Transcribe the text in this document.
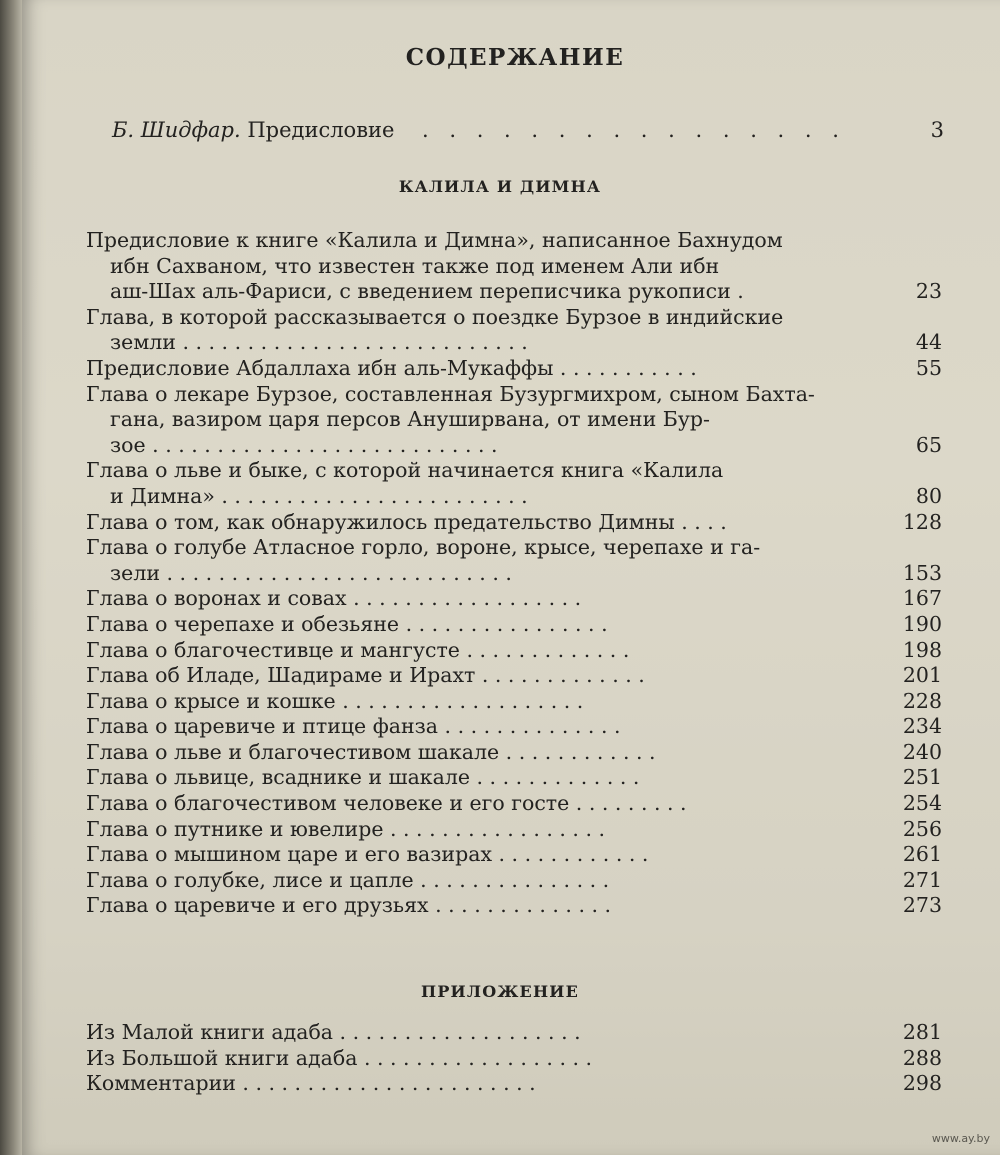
СОДЕРЖАНИЕ
Б. Шидфар. Предисловие . . . . . . . . . . . . . . . .	3
КАЛИЛА И ДИМНА
Предисловие к книге «Калила и Димна», написанное Бахнудом
ибн Сахваном, что известен также под именем Али ибн
аш-Шах аль-Фариси, с введением переписчика рукописи .	23
Глава, в которой рассказывается о поездке Бурзое в индийские
земли . . . . . . . . . . . . . . . . . . . . . . . . . . .	44
Предисловие Абдаллаха ибн аль-Мукаффы . . . . . . . . . . .	55
Глава о лекаре Бурзое, составленная Бузургмихром, сыном Бахта-
гана, вазиром царя персов Ануширвана, от имени Бур-
зое . . . . . . . . . . . . . . . . . . . . . . . . . . .	65
Глава о льве и быке, с которой начинается книга «Калила
и Димна» . . . . . . . . . . . . . . . . . . . . . . . .	80
Глава о том, как обнаружилось предательство Димны . . . .	128
Глава о голубе Атласное горло, вороне, крысе, черепахе и га-
зели . . . . . . . . . . . . . . . . . . . . . . . . . . .	153
Глава о воронах и совах . . . . . . . . . . . . . . . . . .	167
Глава о черепахе и обезьяне . . . . . . . . . . . . . . . .	190
Глава о благочестивце и мангусте . . . . . . . . . . . . .	198
Глава об Иладе, Шадираме и Ирахт . . . . . . . . . . . . .	201
Глава о крысе и кошке . . . . . . . . . . . . . . . . . . .	228
Глава о царевиче и птице фанза . . . . . . . . . . . . . .	234
Глава о льве и благочестивом шакале . . . . . . . . . . . .	240
Глава о львице, всаднике и шакале . . . . . . . . . . . . .	251
Глава о благочестивом человеке и его госте . . . . . . . . .	254
Глава о путнике и ювелире . . . . . . . . . . . . . . . . .	256
Глава о мышином царе и его вазирах . . . . . . . . . . . .	261
Глава о голубке, лисе и цапле . . . . . . . . . . . . . . .	271
Глава о царевиче и его друзьях . . . . . . . . . . . . . .	273
ПРИЛОЖЕНИЕ
Из Малой книги адаба . . . . . . . . . . . . . . . . . . .	281
Из Большой книги адаба . . . . . . . . . . . . . . . . . .	288
Комментарии . . . . . . . . . . . . . . . . . . . . . . .	298
www.ay.by
